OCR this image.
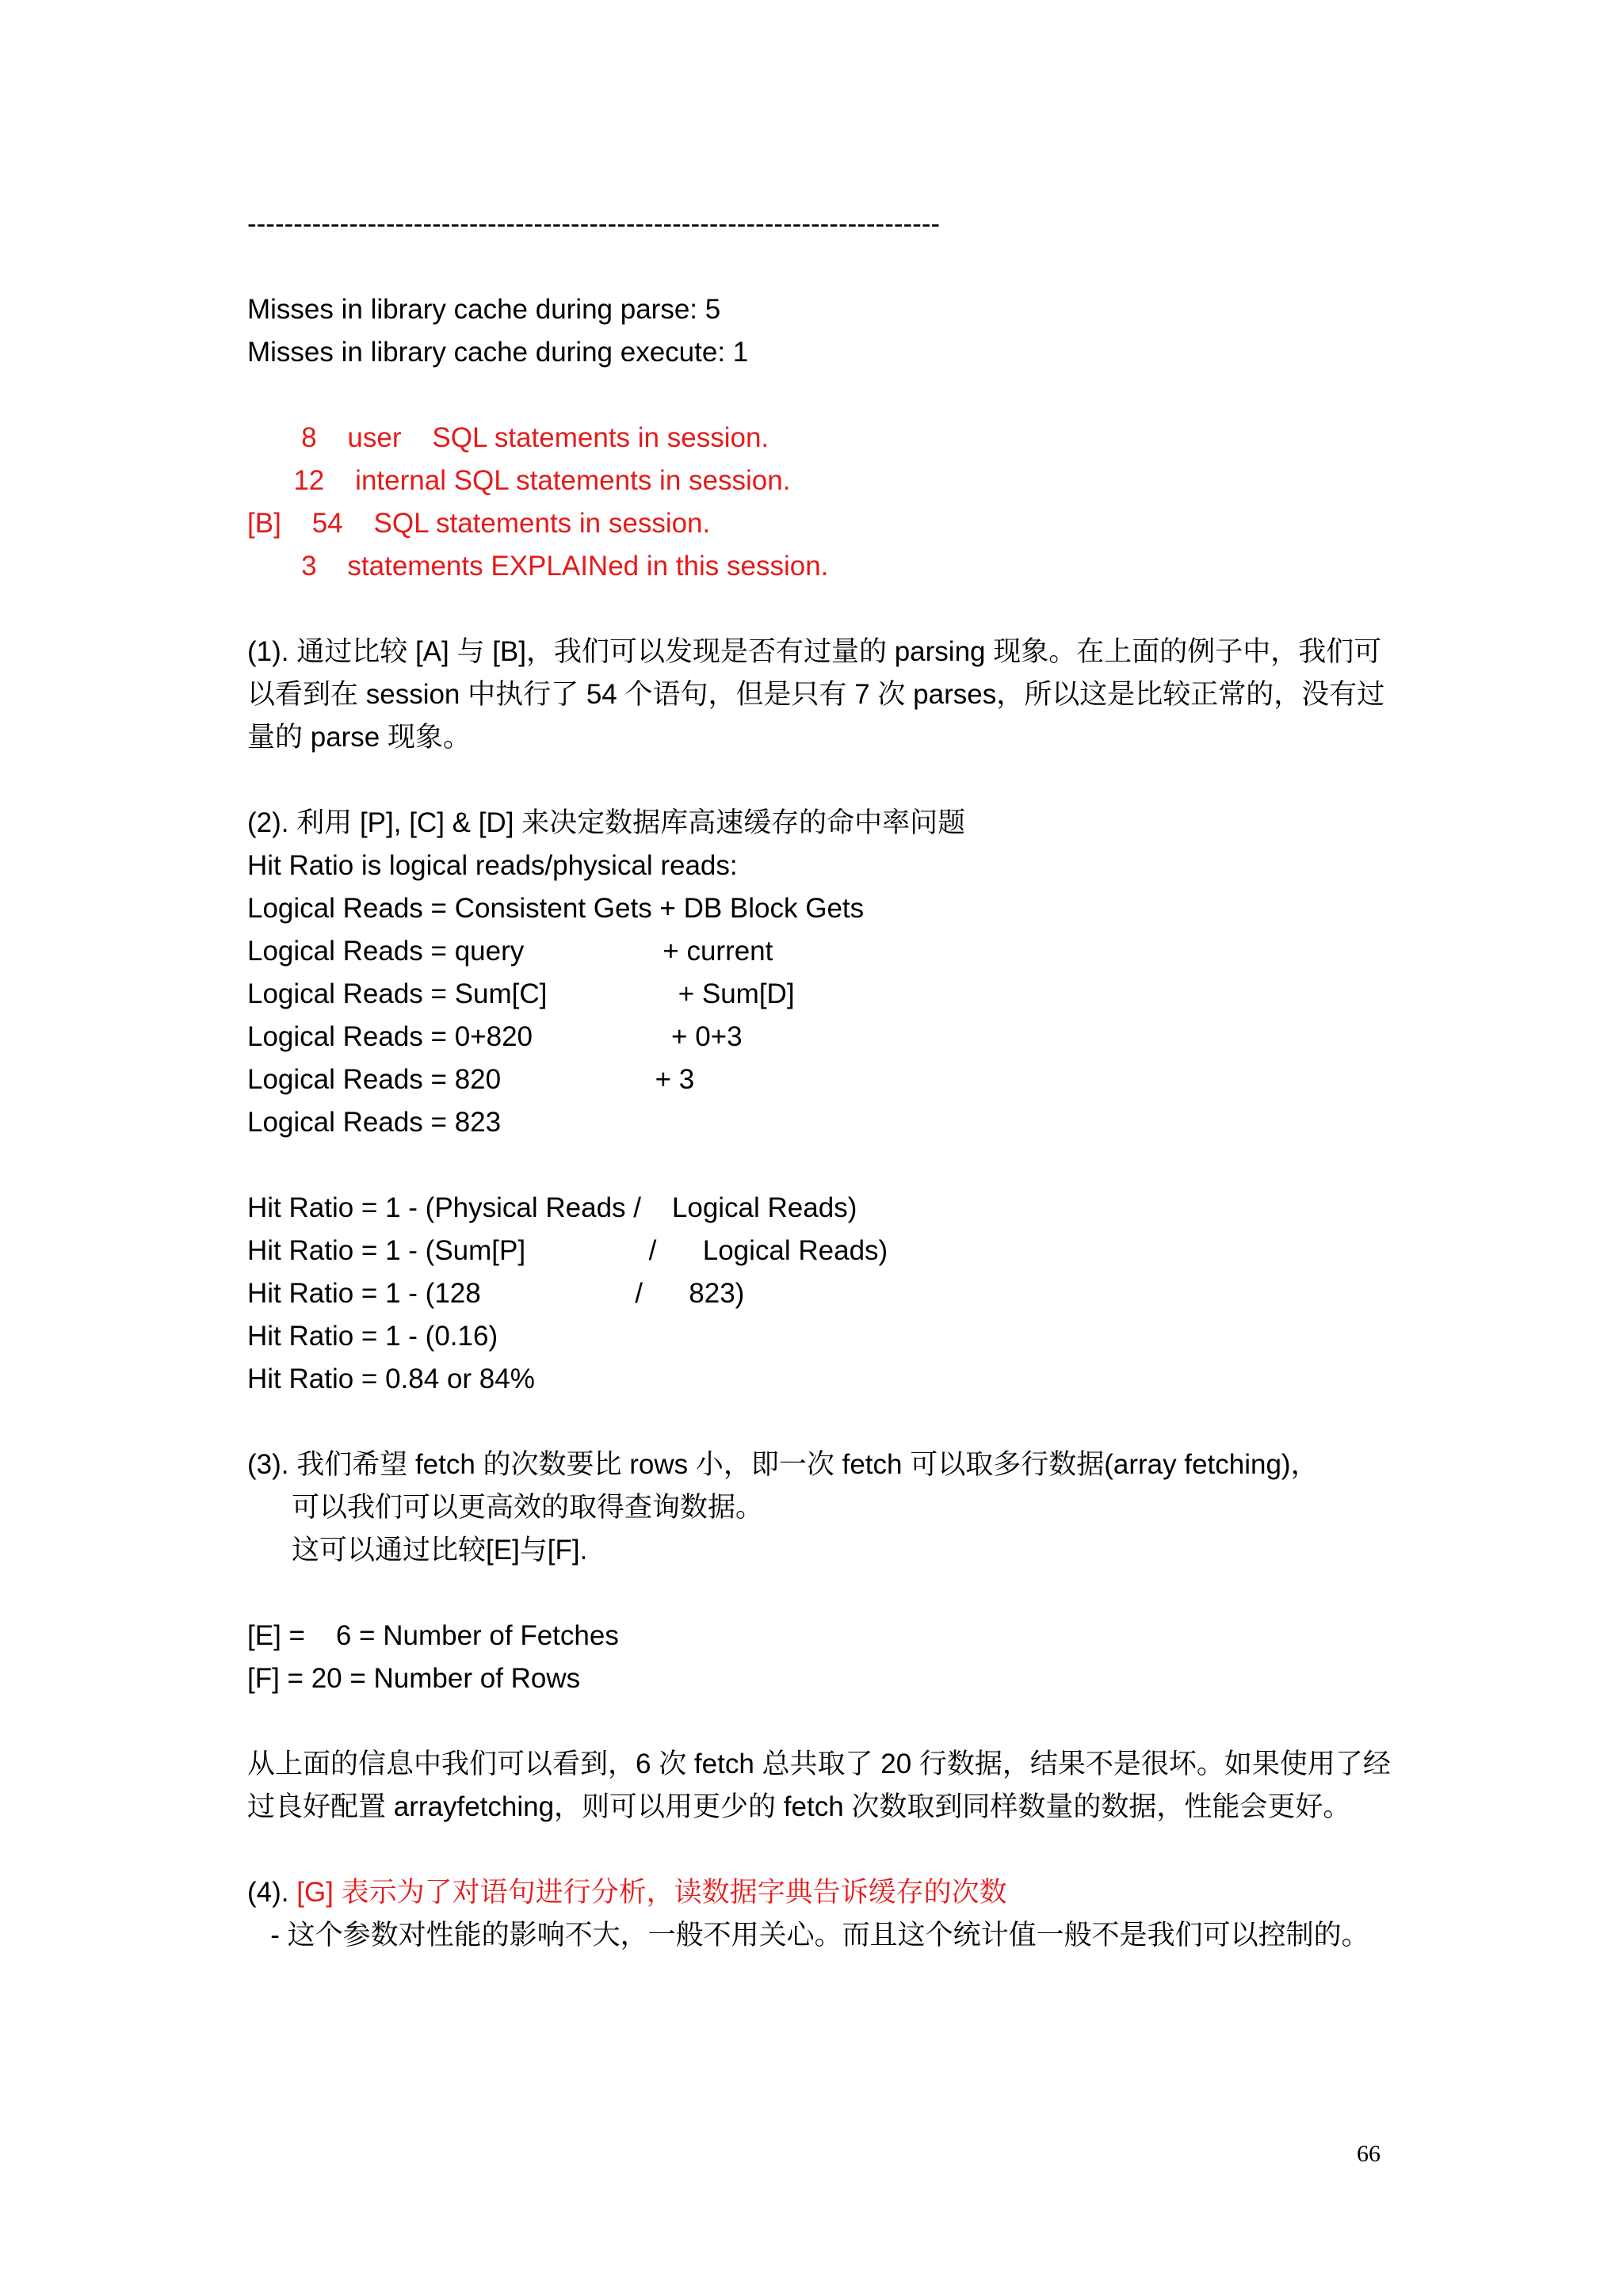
---------------------------------------------------------------------------
Misses in library cache during parse: 5
Misses in library cache during execute: 1
8    user    SQL statements in session.
12    internal SQL statements in session.
[B]    54    SQL statements in session.
3    statements EXPLAINed in this session.
(1). 通过比较 [A] 与 [B]，我们可以发现是否有过量的 parsing 现象。在上面的例子中，我们可以看到在 session 中执行了 54 个语句，但是只有 7 次 parses，所以这是比较正常的，没有过量的 parse 现象。
(2). 利用 [P], [C] & [D] 来决定数据库高速缓存的命中率问题
Hit Ratio is logical reads/physical reads:
Logical Reads = Consistent Gets + DB Block Gets
Logical Reads = query                  + current
Logical Reads = Sum[C]                 + Sum[D]
Logical Reads = 0+820                  + 0+3
Logical Reads = 820                    + 3
Logical Reads = 823
Hit Ratio = 1 - (Physical Reads /    Logical Reads)
Hit Ratio = 1 - (Sum[P]                /      Logical Reads)
Hit Ratio = 1 - (128                    /      823)
Hit Ratio = 1 - (0.16)
Hit Ratio = 0.84 or 84%
(3). 我们希望 fetch 的次数要比 rows 小，即一次 fetch 可以取多行数据(array fetching)，
可以我们可以更高效的取得查询数据。
这可以通过比较[E]与[F].
[E] =    6 = Number of Fetches
[F] = 20 = Number of Rows
从上面的信息中我们可以看到，6 次 fetch 总共取了 20 行数据，结果不是很坏。如果使用了经过良好配置 arrayfetching，则可以用更少的 fetch 次数取到同样数量的数据，性能会更好。
(4). [G] 表示为了对语句进行分析，读数据字典告诉缓存的次数
- 这个参数对性能的影响不大，一般不用关心。而且这个统计值一般不是我们可以控制的。
66
